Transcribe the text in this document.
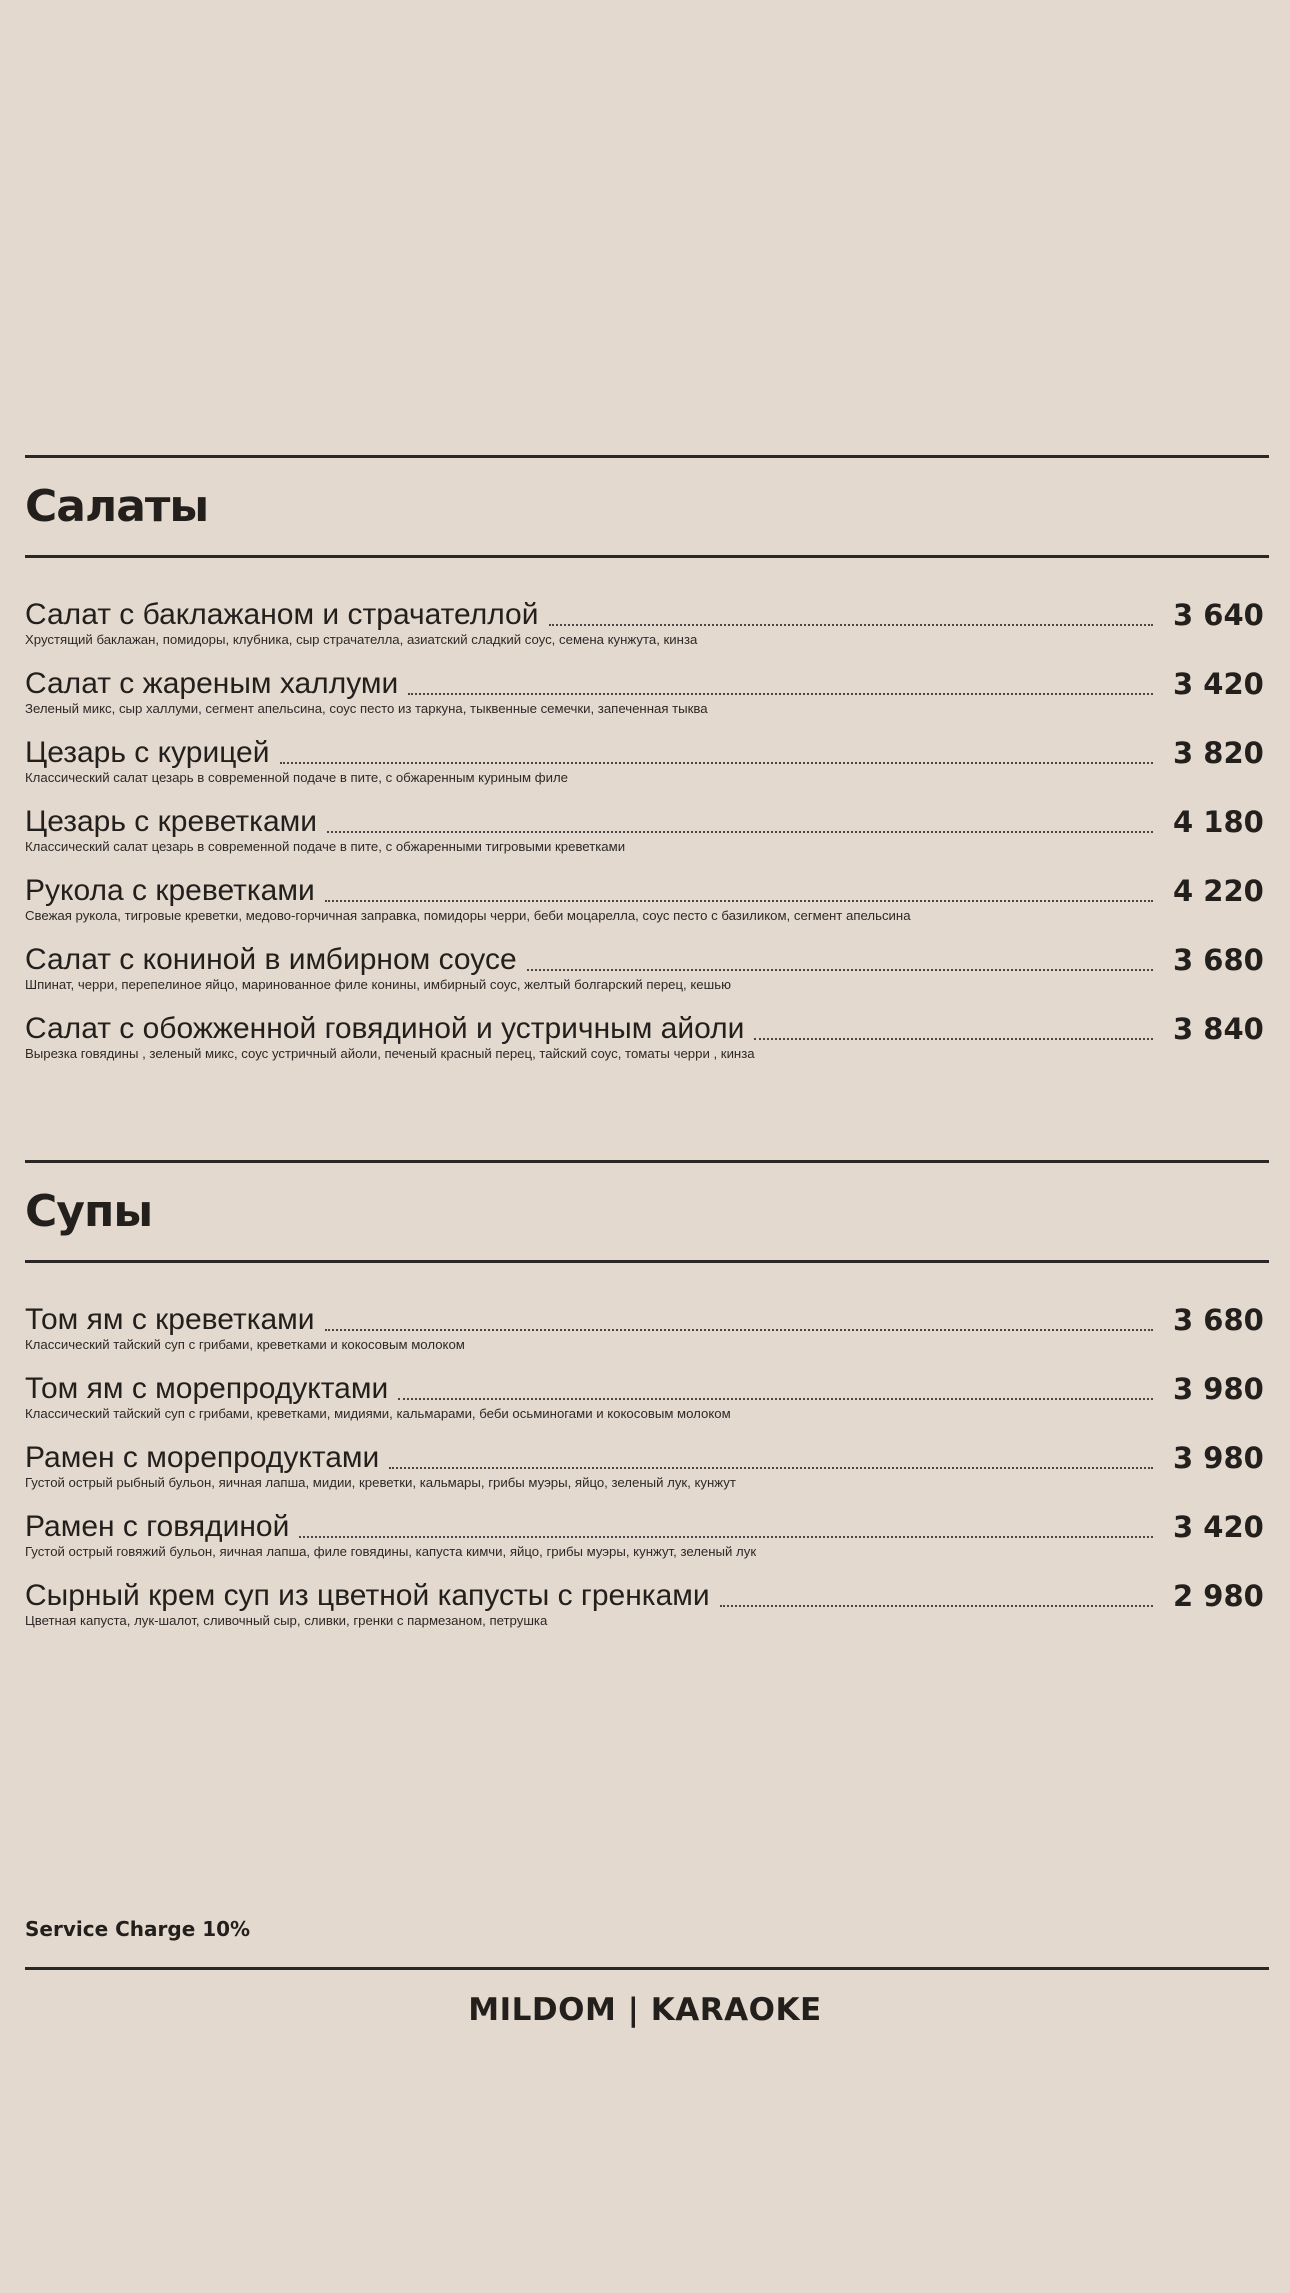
Салаты
Салат с баклажаном и страчателлой	3 640
Хрустящий баклажан, помидоры, клубника, сыр страчателла, азиатский сладкий соус, семена кунжута, кинза
Салат с жареным халлуми	3 420
Зеленый микс, сыр халлуми, сегмент апельсина, соус песто из таркуна, тыквенные семечки, запеченная тыква
Цезарь с курицей	3 820
Классический салат цезарь в современной подаче в пите, с обжаренным куриным филе
Цезарь с креветками	4 180
Классический салат цезарь в современной подаче в пите, с обжаренными тигровыми креветками
Рукола с креветками	4 220
Свежая рукола, тигровые креветки, медово-горчичная заправка, помидоры черри, беби моцарелла, соус песто с базиликом, сегмент апельсина
Салат с кониной в имбирном соусе	3 680
Шпинат, черри, перепелиное яйцо, маринованное филе конины, имбирный соус, желтый болгарский перец, кешью
Салат с обожженной говядиной и устричным айоли	3 840
Вырезка говядины , зеленый микс, соус устричный айоли, печеный красный перец, тайский соус, томаты черри , кинза
Супы
Том ям с креветками	3 680
Классический тайский суп с грибами, креветками и кокосовым молоком
Том ям с морепродуктами	3 980
Классический тайский суп с грибами, креветками, мидиями, кальмарами, беби осьминогами и кокосовым молоком
Рамен с морепродуктами	3 980
Густой острый рыбный бульон, яичная лапша, мидии, креветки, кальмары, грибы муэры, яйцо, зеленый лук, кунжут
Рамен с говядиной	3 420
Густой острый говяжий бульон, яичная лапша, филе говядины, капуста кимчи, яйцо, грибы муэры, кунжут, зеленый лук
Сырный крем суп из цветной капусты с гренками	2 980
Цветная капуста, лук-шалот, сливочный сыр, сливки, гренки с пармезаном, петрушка
Service Charge 10%
MILDOM | KARAOKE
